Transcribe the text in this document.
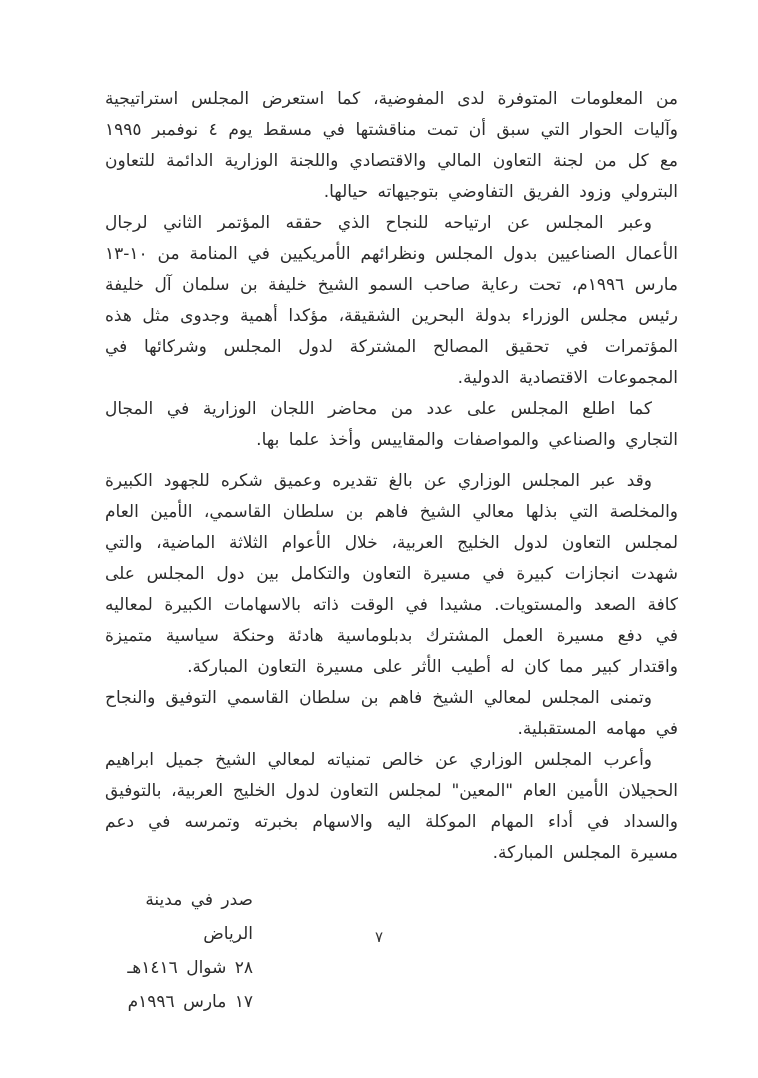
من المعلومات المتوفرة لدى المفوضية، كما استعرض المجلس استراتيجية وآليات الحوار التي سبق أن تمت مناقشتها في مسقط يوم ٤ نوفمبر ١٩٩٥ مع كل من لجنة التعاون المالي والاقتصادي واللجنة الوزارية الدائمة للتعاون البترولي وزود الفريق التفاوضي بتوجيهاته حيالها.

وعبر المجلس عن ارتياحه للنجاح الذي حققه المؤتمر الثاني لرجال الأعمال الصناعيين بدول المجلس ونظرائهم الأمريكيين في المنامة من ١٠-١٣ مارس ١٩٩٦م، تحت رعاية صاحب السمو الشيخ خليفة بن سلمان آل خليفة رئيس مجلس الوزراء بدولة البحرين الشقيقة، مؤكدا أهمية وجدوى مثل هذه المؤتمرات في تحقيق المصالح المشتركة لدول المجلس وشركائها في المجموعات الاقتصادية الدولية.

كما اطلع المجلس على عدد من محاضر اللجان الوزارية في المجال التجاري والصناعي والمواصفات والمقاييس وأخذ علما بها.

وقد عبر المجلس الوزاري عن بالغ تقديره وعميق شكره للجهود الكبيرة والمخلصة التي بذلها معالي الشيخ فاهم بن سلطان القاسمي، الأمين العام لمجلس التعاون لدول الخليج العربية، خلال الأعوام الثلاثة الماضية، والتي شهدت انجازات كبيرة في مسيرة التعاون والتكامل بين دول المجلس على كافة الصعد والمستويات. مشيدا في الوقت ذاته بالاسهامات الكبيرة لمعاليه في دفع مسيرة العمل المشترك بدبلوماسية هادئة وحنكة سياسية متميزة واقتدار كبير مما كان له أطيب الأثر على مسيرة التعاون المباركة.

وتمنى المجلس لمعالي الشيخ فاهم بن سلطان القاسمي التوفيق والنجاح في مهامه المستقبلية.

وأعرب المجلس الوزاري عن خالص تمنياته لمعالي الشيخ جميل ابراهيم الحجيلان الأمين العام "المعين" لمجلس التعاون لدول الخليج العربية، بالتوفيق والسداد في أداء المهام الموكلة اليه والاسهام بخبرته وتمرسه في دعم مسيرة المجلس المباركة.

صدر في مدينة الرياض
٢٨ شوال ١٤١٦هـ
١٧ مارس ١٩٩٦م
٧
